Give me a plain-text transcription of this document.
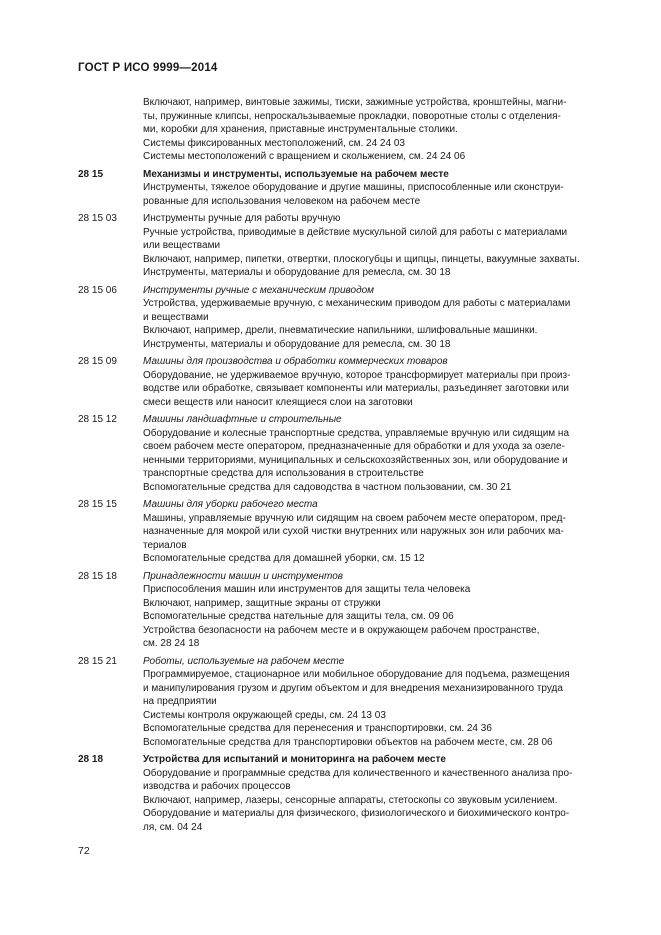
ГОСТ Р ИСО 9999—2014
Включают, например, винтовые зажимы, тиски, зажимные устройства, кронштейны, магни-
ты, пружинные клипсы, непроскальзываемые прокладки, поворотные столы с отделения-
ми, коробки для хранения, приставные инструментальные столики.
Системы фиксированных местоположений, см. 24 24 03
Системы местоположений с вращением и скольжением, см. 24 24 06
28 15	Механизмы и инструменты, используемые на рабочем месте
Инструменты, тяжелое оборудование и другие машины, приспособленные или сконструи-
рованные для использования человеком на рабочем месте
28 15 03	Инструменты ручные для работы вручную
Ручные устройства, приводимые в действие мускульной силой для работы с материалами
или веществами
Включают, например, пипетки, отвертки, плоскогубцы и щипцы, пинцеты, вакуумные захваты.
Инструменты, материалы и оборудование для ремесла, см. 30 18
28 15 06	Инструменты ручные с механическим приводом
Устройства, удерживаемые вручную, с механическим приводом для работы с материалами
и веществами
Включают, например, дрели, пневматические напильники, шлифовальные машинки.
Инструменты, материалы и оборудование для ремесла, см. 30 18
28 15 09	Машины для производства и обработки коммерческих товаров
Оборудование, не удерживаемое вручную, которое трансформирует материалы при произ-
водстве или обработке, связывает компоненты или материалы, разъединяет заготовки или
смеси веществ или наносит клеящиеся слои на заготовки
28 15 12	Машины ландшафтные и строительные
Оборудование и колесные транспортные средства, управляемые вручную или сидящим на
своем рабочем месте оператором, предназначенные для обработки и для ухода за озеле-
ненными территориями, муниципальных и сельскохозяйственных зон, или оборудование и
транспортные средства для использования в строительстве
Вспомогательные средства для садоводства в частном пользовании, см. 30 21
28 15 15	Машины для уборки рабочего места
Машины, управляемые вручную или сидящим на своем рабочем месте оператором, пред-
назначенные для мокрой или сухой чистки внутренних или наружных зон или рабочих ма-
териалов
Вспомогательные средства для домашней уборки, см. 15 12
28 15 18	Принадлежности машин и инструментов
Приспособления машин или инструментов для защиты тела человека
Включают, например, защитные экраны от стружки
Вспомогательные средства нательные для защиты тела, см. 09 06
Устройства безопасности на рабочем месте и в окружающем рабочем пространстве,
см. 28 24 18
28 15 21	Роботы, используемые на рабочем месте
Программируемое, стационарное или мобильное оборудование для подъема, размещения
и манипулирования грузом и другим объектом и для внедрения механизированного труда
на предприятии
Системы контроля окружающей среды, см. 24 13 03
Вспомогательные средства для перенесения и транспортировки, см. 24 36
Вспомогательные средства для транспортировки объектов на рабочем месте, см. 28 06
28 18	Устройства для испытаний и мониторинга на рабочем месте
Оборудование и программные средства для количественного и качественного анализа про-
изводства и рабочих процессов
Включают, например, лазеры, сенсорные аппараты, стетоскопы со звуковым усилением.
Оборудование и материалы для физического, физиологического и биохимического контро-
ля, см. 04 24
72
